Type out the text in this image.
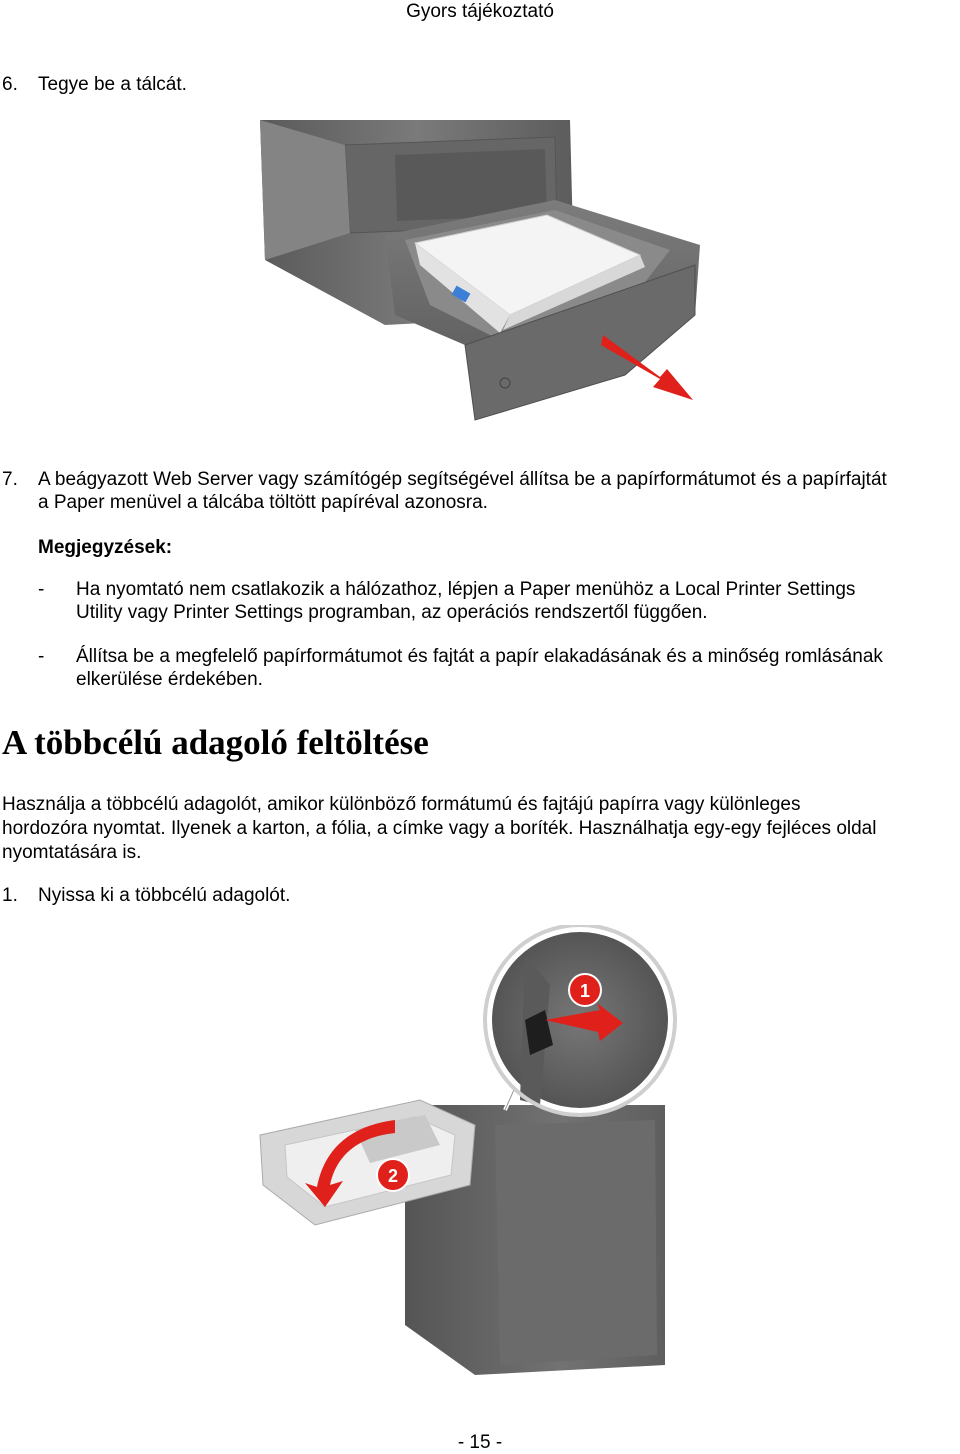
Gyors tájékoztató
6. Tegye be a tálcát.
7. A beágyazott Web Server vagy számítógép segítségével állítsa be a papírformátumot és a papírfajtát
a Paper menüvel a tálcába töltött papíréval azonosra.
Megjegyzések:
- Ha nyomtató nem csatlakozik a hálózathoz, lépjen a Paper menühöz a Local Printer Settings
Utility vagy Printer Settings programban, az operációs rendszertől függően.
- Állítsa be a megfelelő papírformátumot és fajtát a papír elakadásának és a minőség romlásának
elkerülése érdekében.
A többcélú adagoló feltöltése
Használja a többcélú adagolót, amikor különböző formátumú és fajtájú papírra vagy különleges
hordozóra nyomtat. Ilyenek a karton, a fólia, a címke vagy a boríték. Használhatja egy-egy fejléces oldal
nyomtatására is.
1. Nyissa ki a többcélú adagolót.
1
2
- 15 -
